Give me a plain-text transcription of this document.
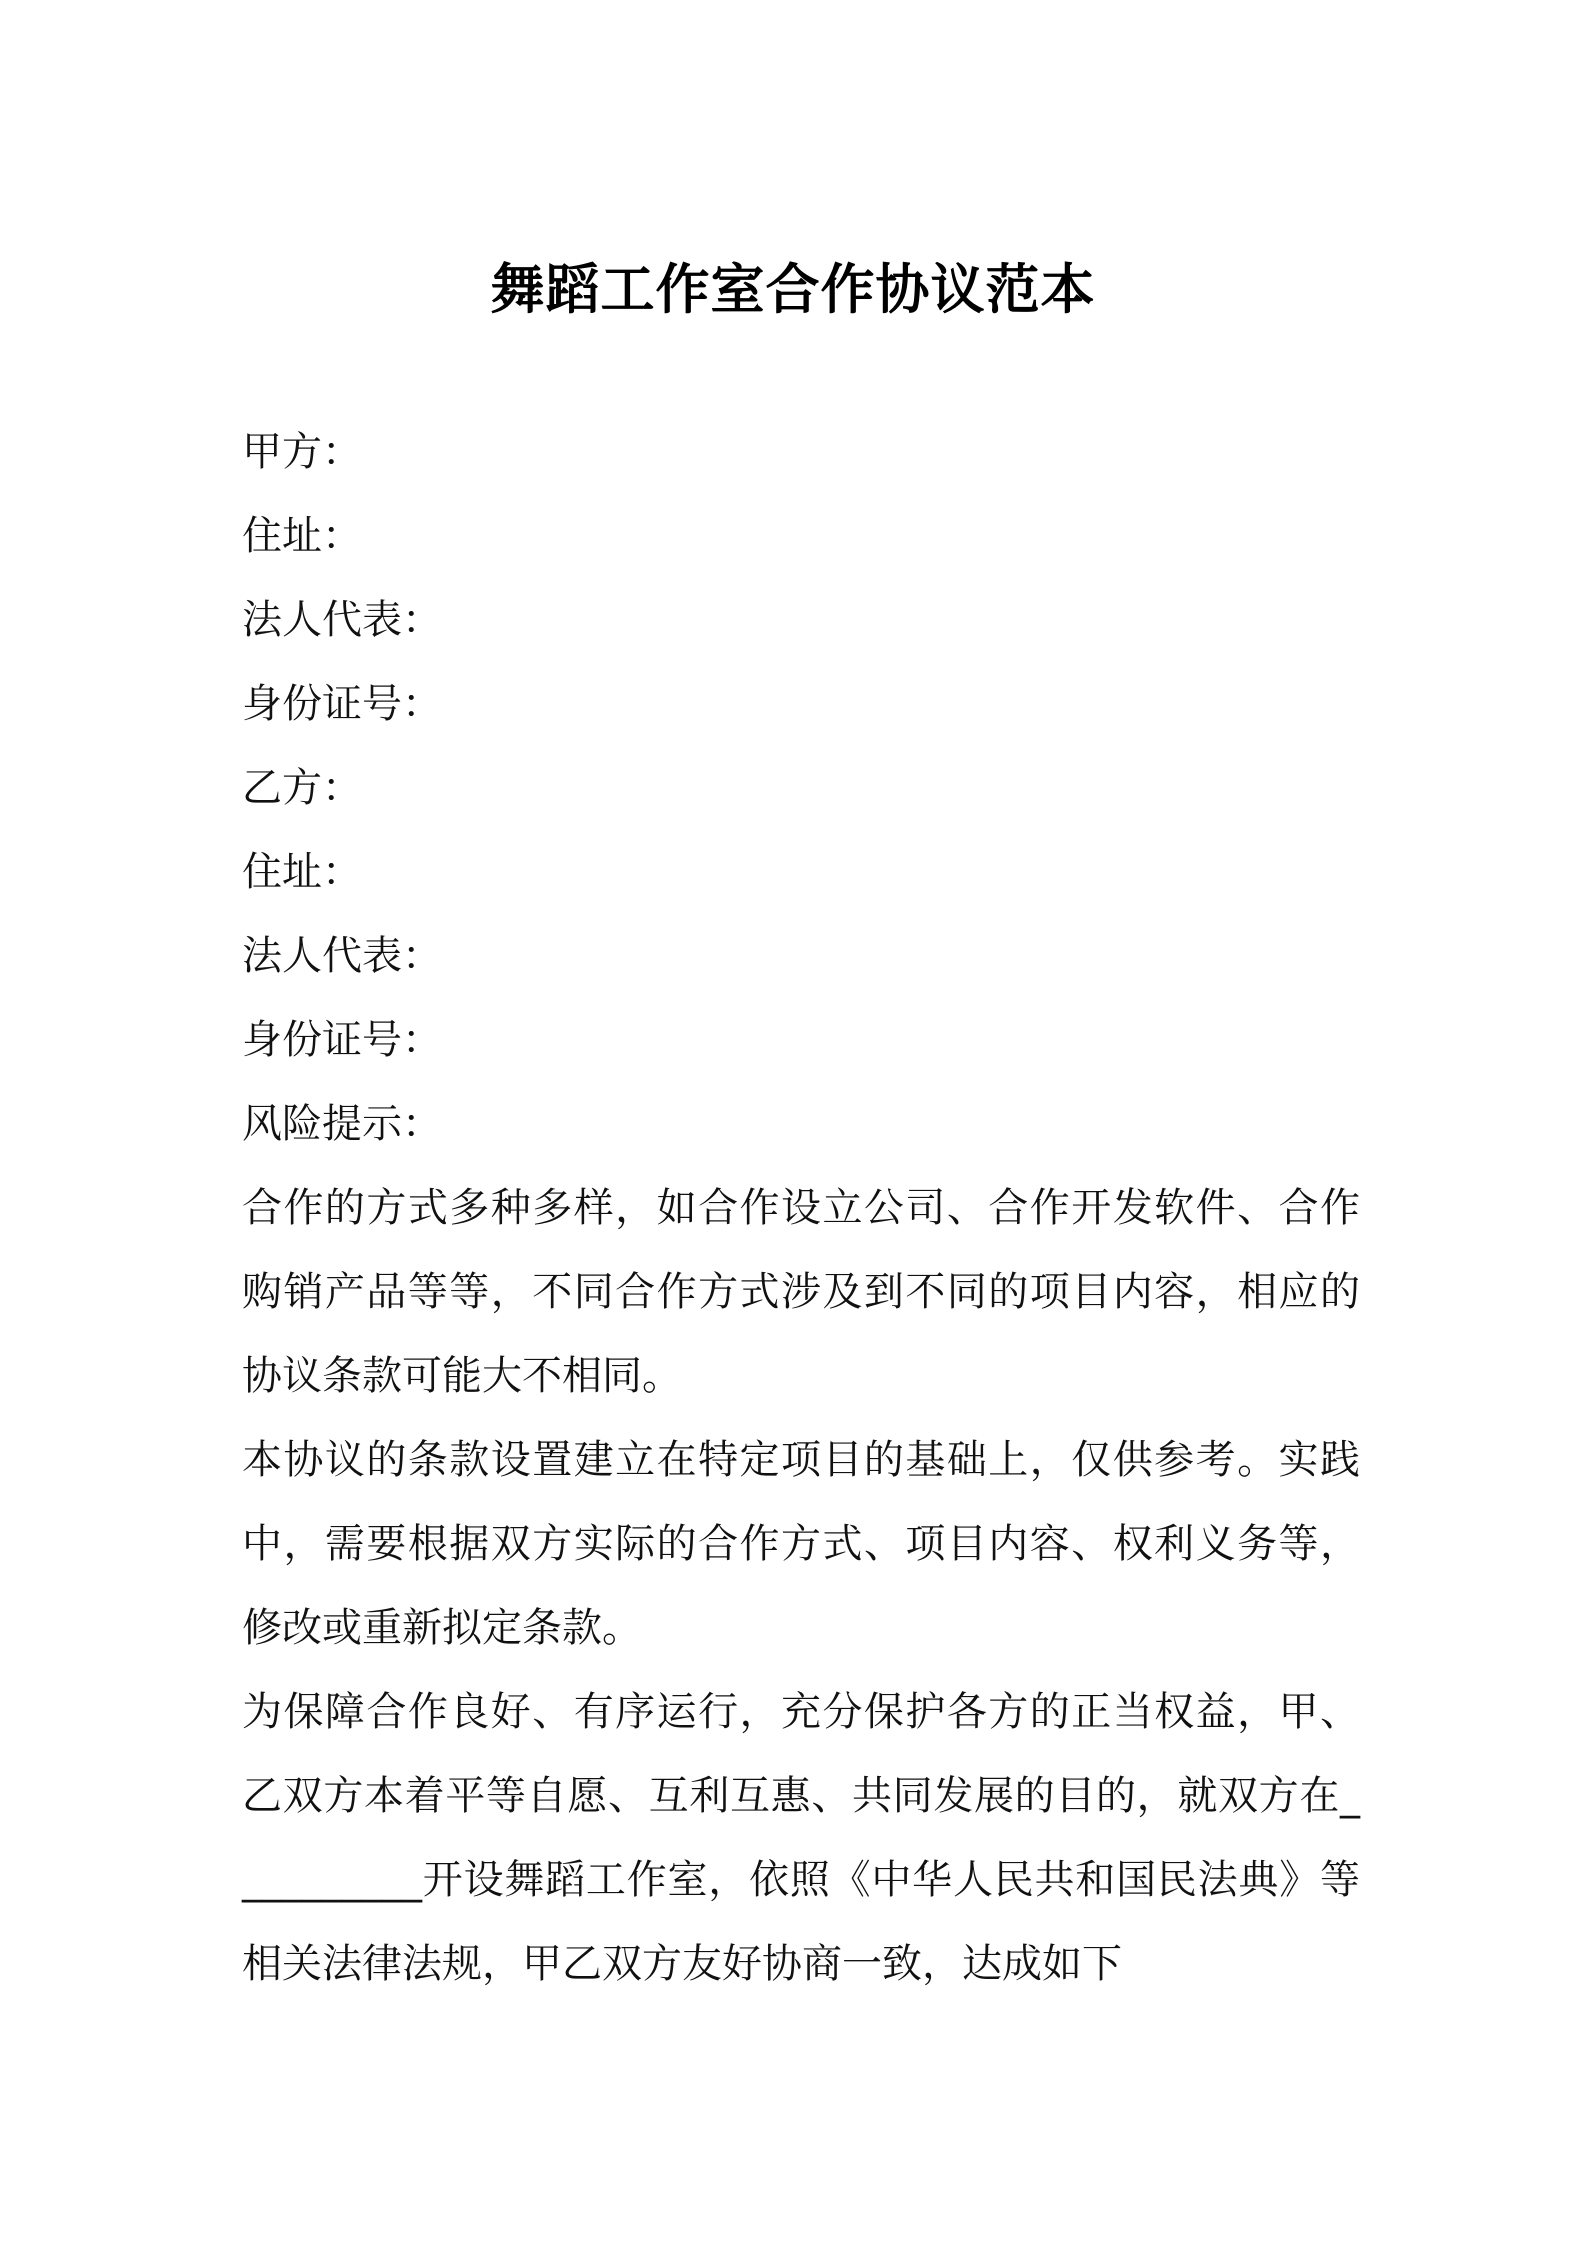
舞蹈工作室合作协议范本
甲方：
住址：
法人代表：
身份证号：
乙方：
住址：
法人代表：
身份证号：
风险提示：
合作的方式多种多样，如合作设立公司、合作开发软件、合作购销产品等等，不同合作方式涉及到不同的项目内容，相应的协议条款可能大不相同。
本协议的条款设置建立在特定项目的基础上，仅供参考。实践中，需要根据双方实际的合作方式、项目内容、权利义务等，修改或重新拟定条款。
为保障合作良好、有序运行，充分保护各方的正当权益，甲、乙双方本着平等自愿、互利互惠、共同发展的目的，就双方在__________开设舞蹈工作室，依照《中华人民共和国民法典》等相关法律法规，甲乙双方友好协商一致，达成如下
